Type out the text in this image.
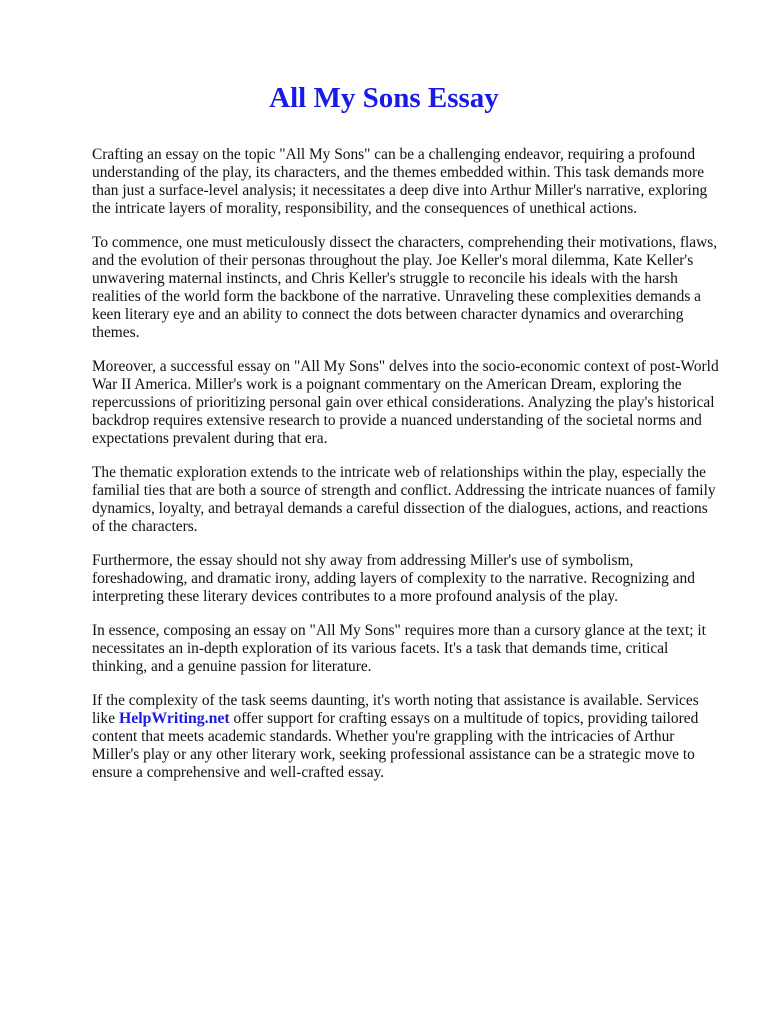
All My Sons Essay

Crafting an essay on the topic "All My Sons" can be a challenging endeavor, requiring a profound understanding of the play, its characters, and the themes embedded within. This task demands more than just a surface-level analysis; it necessitates a deep dive into Arthur Miller's narrative, exploring the intricate layers of morality, responsibility, and the consequences of unethical actions.

To commence, one must meticulously dissect the characters, comprehending their motivations, flaws, and the evolution of their personas throughout the play. Joe Keller's moral dilemma, Kate Keller's unwavering maternal instincts, and Chris Keller's struggle to reconcile his ideals with the harsh realities of the world form the backbone of the narrative. Unraveling these complexities demands a keen literary eye and an ability to connect the dots between character dynamics and overarching themes.

Moreover, a successful essay on "All My Sons" delves into the socio-economic context of post-World War II America. Miller's work is a poignant commentary on the American Dream, exploring the repercussions of prioritizing personal gain over ethical considerations. Analyzing the play's historical backdrop requires extensive research to provide a nuanced understanding of the societal norms and expectations prevalent during that era.

The thematic exploration extends to the intricate web of relationships within the play, especially the familial ties that are both a source of strength and conflict. Addressing the intricate nuances of family dynamics, loyalty, and betrayal demands a careful dissection of the dialogues, actions, and reactions of the characters.

Furthermore, the essay should not shy away from addressing Miller's use of symbolism, foreshadowing, and dramatic irony, adding layers of complexity to the narrative. Recognizing and interpreting these literary devices contributes to a more profound analysis of the play.

In essence, composing an essay on "All My Sons" requires more than a cursory glance at the text; it necessitates an in-depth exploration of its various facets. It's a task that demands time, critical thinking, and a genuine passion for literature.

If the complexity of the task seems daunting, it's worth noting that assistance is available. Services like HelpWriting.net offer support for crafting essays on a multitude of topics, providing tailored content that meets academic standards. Whether you're grappling with the intricacies of Arthur Miller's play or any other literary work, seeking professional assistance can be a strategic move to ensure a comprehensive and well-crafted essay.
